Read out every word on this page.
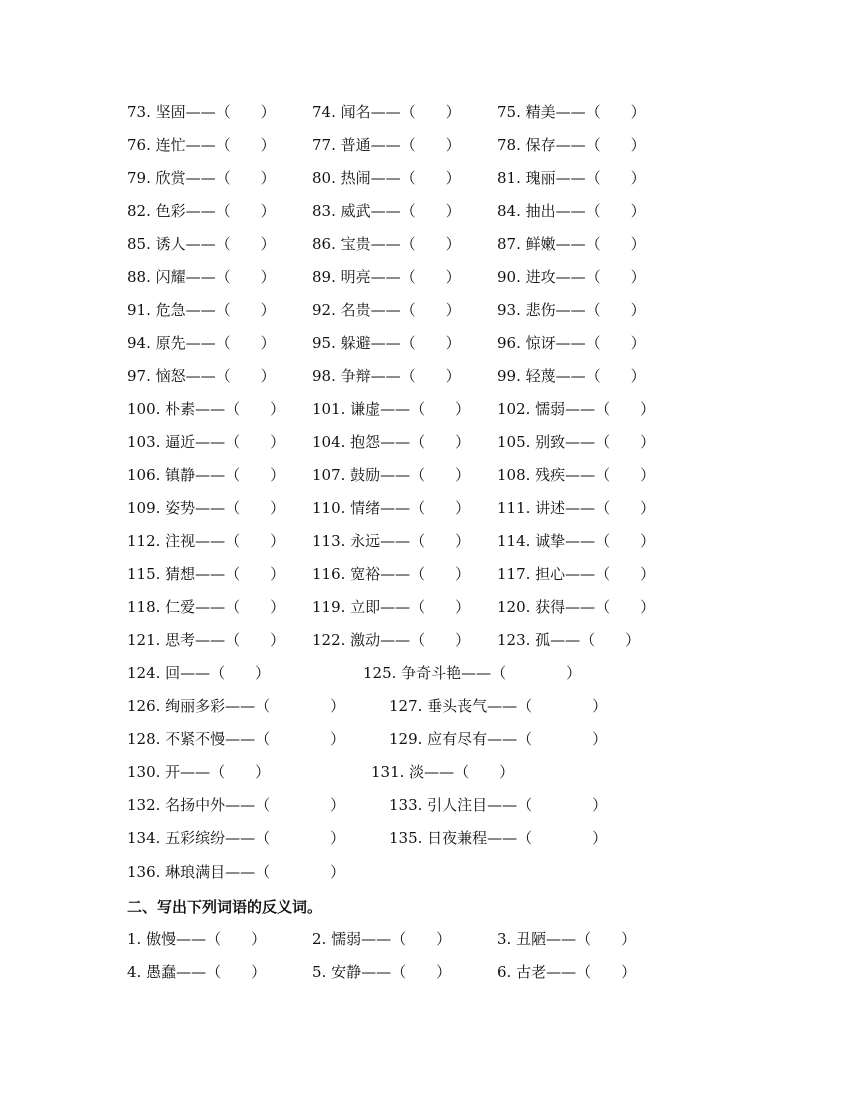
73. 坚固——（　　） 74. 闻名——（　　） 75. 精美——（　　）
76. 连忙——（　　） 77. 普通——（　　） 78. 保存——（　　）
79. 欣赏——（　　） 80. 热闹——（　　） 81. 瑰丽——（　　）
82. 色彩——（　　） 83. 威武——（　　） 84. 抽出——（　　）
85. 诱人——（　　） 86. 宝贵——（　　） 87. 鲜嫩——（　　）
88. 闪耀——（　　） 89. 明亮——（　　） 90. 进攻——（　　）
91. 危急——（　　） 92. 名贵——（　　） 93. 悲伤——（　　）
94. 原先——（　　） 95. 躲避——（　　） 96. 惊讶——（　　）
97. 恼怒——（　　） 98. 争辩——（　　） 99. 轻蔑——（　　）
100. 朴素——（　　） 101. 谦虚——（　　） 102. 懦弱——（　　）
103. 逼近——（　　） 104. 抱怨——（　　） 105. 别致——（　　）
106. 镇静——（　　） 107. 鼓励——（　　） 108. 残疾——（　　）
109. 姿势——（　　） 110. 情绪——（　　） 111. 讲述——（　　）
112. 注视——（　　） 113. 永远——（　　） 114. 诚挚——（　　）
115. 猜想——（　　） 116. 宽裕——（　　） 117. 担心——（　　）
118. 仁爱——（　　） 119. 立即——（　　） 120. 获得——（　　）
121. 思考——（　　） 122. 激动——（　　） 123. 孤——（　　）
124. 回——（　　）	125. 争奇斗艳——（　　　　）
126. 绚丽多彩——（　　　　）	127. 垂头丧气——（　　　　）
128. 不紧不慢——（　　　　）	129. 应有尽有——（　　　　）
130. 开——（　　）	131. 淡——（　　）
132. 名扬中外——（　　　　）	133. 引人注目——（　　　　）
134. 五彩缤纷——（　　　　）	135. 日夜兼程——（　　　　）
136. 琳琅满目——（　　　　）
二、写出下列词语的反义词。
1. 傲慢——（　　）	2. 懦弱——（　　）	3. 丑陋——（　　）
4. 愚蠢——（　　）	5. 安静——（　　）	6. 古老——（　　）
